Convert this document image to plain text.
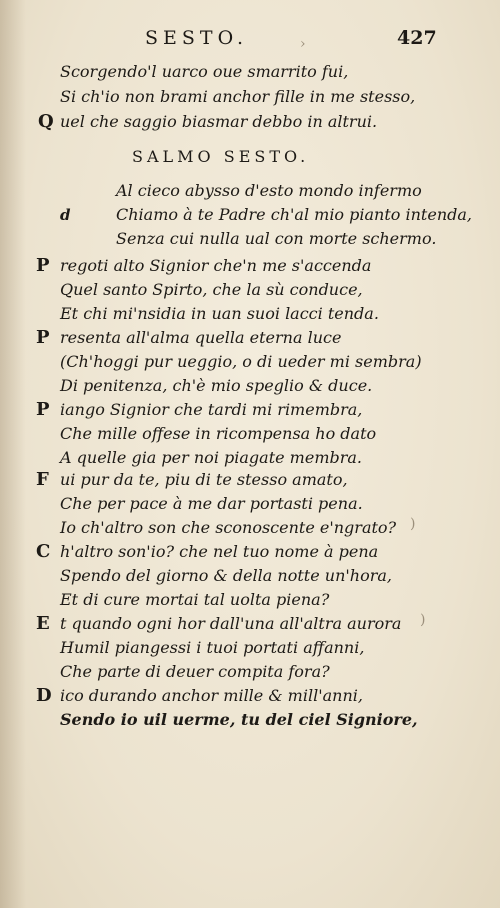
SESTO.	427
Scorgendo'l uarco oue smarrito fui,
Si ch'io non brami anchor fille in me stesso,
Q uel che saggio biasmar debbo in altrui.
SALMO SESTO.
Al cieco abysso d'esto mondo infermo
d	Chiamo à te Padre ch'al mio pianto intenda,
Senza cui nulla ual con morte schermo.
P regoti alto Signior che'n me s'accenda
Quel santo Spirto, che la sù conduce,
Et chi mi'nsidia in uan suoi lacci tenda.
P resenta all'alma quella eterna luce
(Ch'hoggi pur ueggio, o di ueder mi sembra)
Di penitenza, ch'è mio speglio & duce.
P iango Signior che tardi mi rimembra,
Che mille offese in ricompensa ho dato
A quelle gia per noi piagate membra.
F ui pur da te, piu di te stesso amato,
Che per pace à me dar portasti pena.
Io ch'altro son che sconoscente e'ngrato?
C h'altro son'io? che nel tuo nome à pena
Spendo del giorno & della notte un'hora,
Et di cure mortai tal uolta piena?
E t quando ogni hor dall'una all'altra aurora
Humil piangessi i tuoi portati affanni,
Che parte di deuer compita fora?
D ico durando anchor mille & mill'anni,
Sendo io uil uerme, tu del ciel Signiore,
›
)
)
